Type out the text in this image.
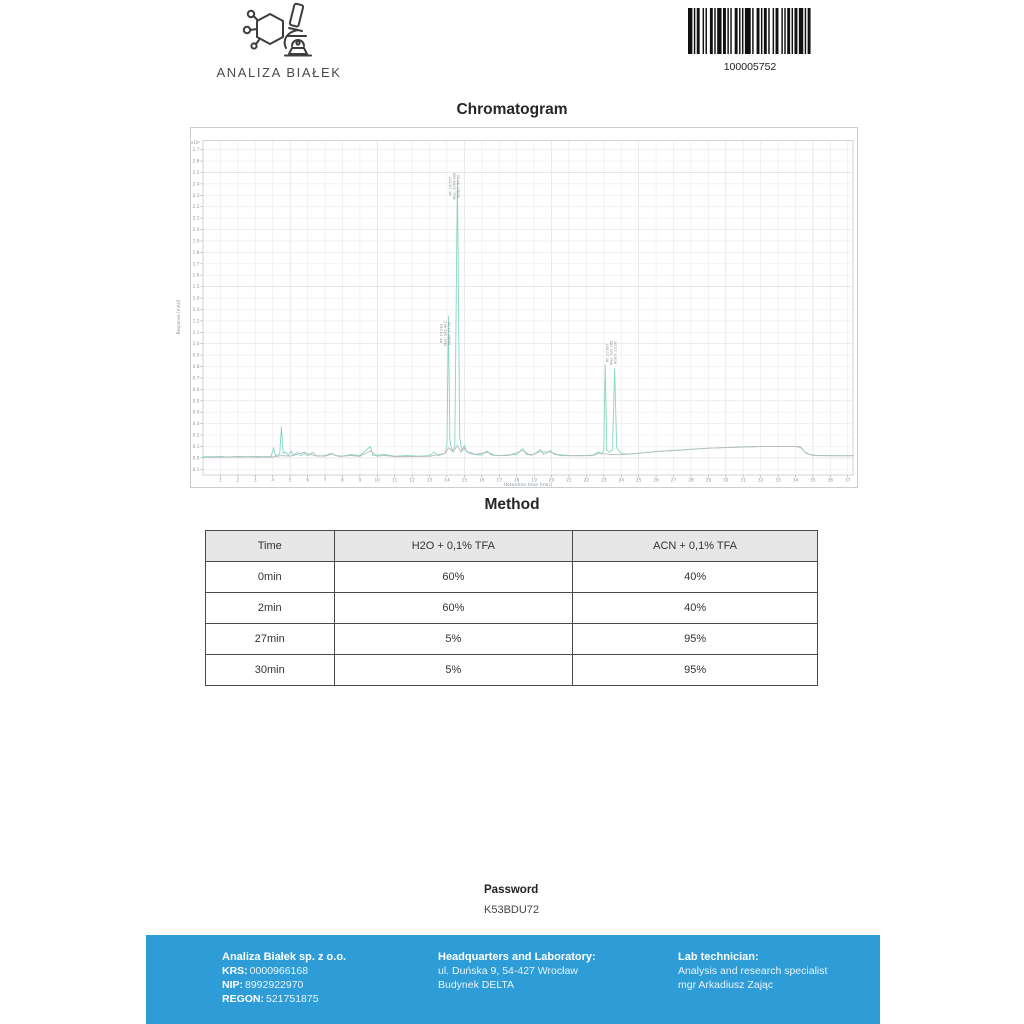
ANALIZA BIAŁEK	100005752
Chromatogram
1	2	3	4	5	6	7	8	9	10	11	12	13	14	15	16	17	18	19	20	21	22	23	24	25	26	27	28	29	30	31	32	33	34	35	36	37
2.7
2.6
2.5
2.4
2.3
2.2
2.1
2.0
1.9
1.8
1.7
1.6
1.5
1.4
1.3
1.2
1.1
1.0
0.9
0.8
0.7
0.6
0.5
0.4
0.3
0.2
0.1
0.0
-0.1
RT: 14.083 Max: 582.402 Width: 17.26
RT: 14.673 Max: 2564.885 Width: 43.30
RT: 23.657 Max: 920.285 Width: 15.06
Retention time [min]
Response [mAU]
x10¹
Method
Time	H2O + 0,1% TFA	ACN + 0,1% TFA
0min	60%	40%
2min	60%	40%
27min	5%	95%
30min	5%	95%
Password
K53BDU72
Analiza Białek sp. z o.o.
KRS: 0000966168
NIP: 8992922970
REGON: 521751875
Headquarters and Laboratory:
ul. Duńska 9, 54-427 Wrocław
Budynek DELTA
Lab technician:
Analysis and research specialist
mgr Arkadiusz Zając
